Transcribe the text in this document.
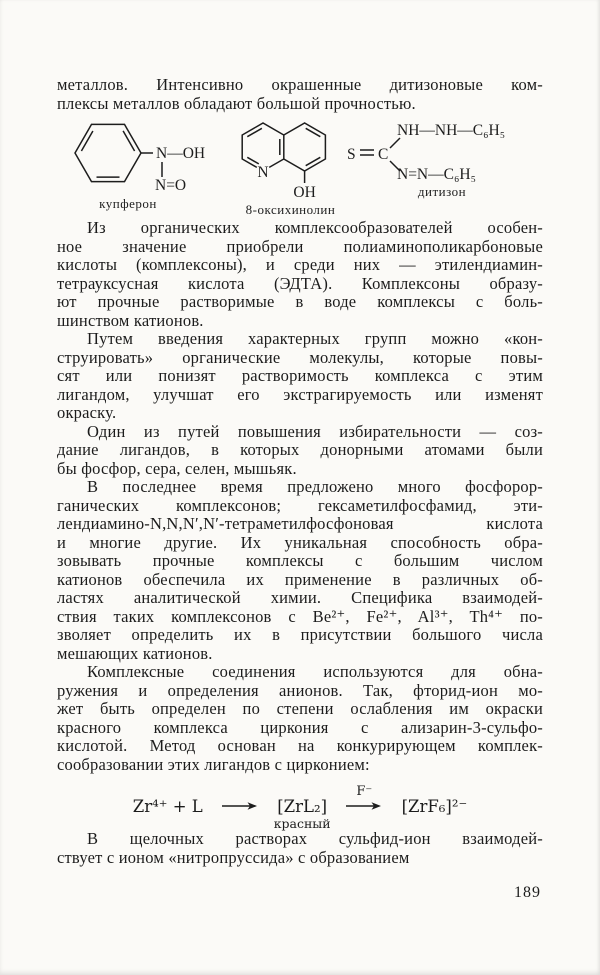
металлов. Интенсивно окрашенные дитизоновые ком-
плексы металлов обладают большой прочностью.
N—OH
N=O
купферон
N
OH
8-оксихинолин
S C
NH—NH—C₆H₅
N=N—C₆H₅
дитизон
Из органических комплексообразователей особен-
ное значение приобрели полиаминополикарбоновые
кислоты (комплексоны), и среди них — этилендиамин-
тетрауксусная кислота (ЭДТА). Комплексоны образу-
ют прочные растворимые в воде комплексы с боль-
шинством катионов.
Путем введения характерных групп можно «кон-
струировать» органические молекулы, которые повы-
сят или понизят растворимость комплекса с этим
лигандом, улучшат его экстрагируемость или изменят
окраску.
Один из путей повышения избирательности — соз-
дание лигандов, в которых донорными атомами были
бы фосфор, сера, селен, мышьяк.
В последнее время предложено много фосфорор-
ганических комплексонов; гексаметилфосфамид, эти-
лендиамино-N,N,N′,N′-тетраметилфосфоновая кислота
и многие другие. Их уникальная способность обра-
зовывать прочные комплексы с большим числом
катионов обеспечила их применение в различных об-
ластях аналитической химии. Специфика взаимодей-
ствия таких комплексонов с Be²⁺, Fe²⁺, Al³⁺, Th⁴⁺ по-
зволяет определить их в присутствии большого числа
мешающих катионов.
Комплексные соединения используются для обна-
ружения и определения анионов. Так, фторид-ион мо-
жет быть определен по степени ослабления им окраски
красного комплекса циркония с ализарин-3-сульфо-
кислотой. Метод основан на конкурирующем комплек-
сообразовании этих лигандов с цирконием:
Zr⁴⁺ + L → [ZrL₂]
красный

F⁻
[ZrF₆]²⁻
В щелочных растворах сульфид-ион взаимодей-
ствует с ионом «нитропруссида» с образованием
189
